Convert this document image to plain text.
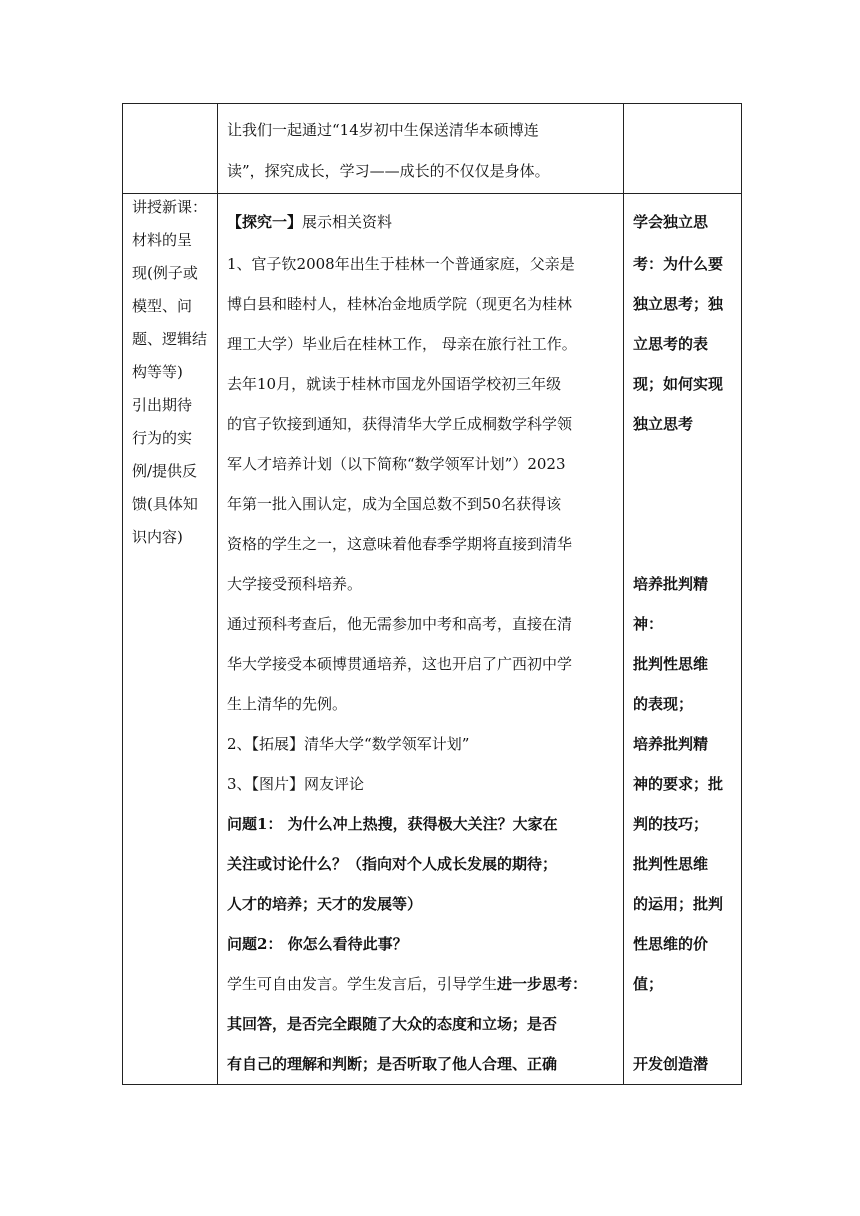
让我们一起通过“14岁初中生保送清华本硕博连
读”，探究成长，学习——成长的不仅仅是身体。
讲授新课：
材料的呈
现(例子或
模型、问
题、逻辑结
构等等)
引出期待
行为的实
例/提供反
馈(具体知
识内容)
【探究一】展示相关资料
1、官子钦2008年出生于桂林一个普通家庭，父亲是
博白县和睦村人，桂林冶金地质学院（现更名为桂林
理工大学）毕业后在桂林工作， 母亲在旅行社工作。
去年10月，就读于桂林市国龙外国语学校初三年级
的官子钦接到通知，获得清华大学丘成桐数学科学领
军人才培养计划（以下简称“数学领军计划”）2023
年第一批入围认定，成为全国总数不到50名获得该
资格的学生之一，这意味着他春季学期将直接到清华
大学接受预科培养。
通过预科考查后，他无需参加中考和高考，直接在清
华大学接受本硕博贯通培养，这也开启了广西初中学
生上清华的先例。
2、【拓展】清华大学“数学领军计划”
3、【图片】网友评论
问题1： 为什么冲上热搜，获得极大关注？大家在
关注或讨论什么？（指向对个人成长发展的期待；
人才的培养；天才的发展等）
问题2： 你怎么看待此事？
学生可自由发言。学生发言后，引导学生进一步思考：
其回答，是否完全跟随了大众的态度和立场；是否
有自己的理解和判断；是否听取了他人合理、正确
学会独立思
考：为什么要
独立思考；独
立思考的表
现；如何实现
独立思考
培养批判精
神：
批判性思维
的表现；
培养批判精
神的要求；批
判的技巧；
批判性思维
的运用；批判
性思维的价
值；
开发创造潜
